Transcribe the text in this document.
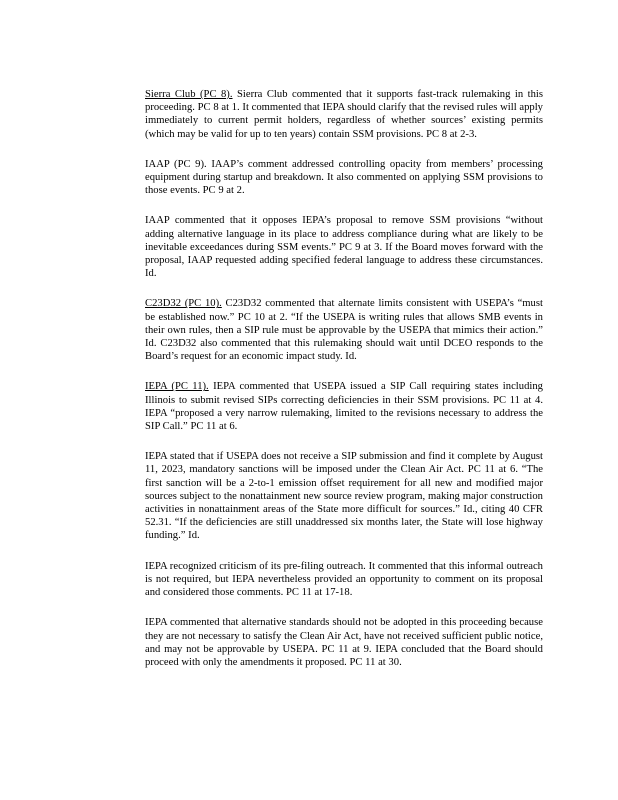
Sierra Club (PC 8). Sierra Club commented that it supports fast-track rulemaking in this proceeding. PC 8 at 1. It commented that IEPA should clarify that the revised rules will apply immediately to current permit holders, regardless of whether sources’ existing permits (which may be valid for up to ten years) contain SSM provisions. PC 8 at 2-3.

IAAP (PC 9). IAAP’s comment addressed controlling opacity from members’ processing equipment during startup and breakdown. It also commented on applying SSM provisions to those events. PC 9 at 2.

IAAP commented that it opposes IEPA’s proposal to remove SSM provisions “without adding alternative language in its place to address compliance during what are likely to be inevitable exceedances during SSM events.” PC 9 at 3. If the Board moves forward with the proposal, IAAP requested adding specified federal language to address these circumstances. Id.

C23D32 (PC 10). C23D32 commented that alternate limits consistent with USEPA’s “must be established now.” PC 10 at 2. “If the USEPA is writing rules that allows SMB events in their own rules, then a SIP rule must be approvable by the USEPA that mimics their action.” Id. C23D32 also commented that this rulemaking should wait until DCEO responds to the Board’s request for an economic impact study. Id.

IEPA (PC 11). IEPA commented that USEPA issued a SIP Call requiring states including Illinois to submit revised SIPs correcting deficiencies in their SSM provisions. PC 11 at 4. IEPA “proposed a very narrow rulemaking, limited to the revisions necessary to address the SIP Call.” PC 11 at 6.

IEPA stated that if USEPA does not receive a SIP submission and find it complete by August 11, 2023, mandatory sanctions will be imposed under the Clean Air Act. PC 11 at 6. “The first sanction will be a 2-to-1 emission offset requirement for all new and modified major sources subject to the nonattainment new source review program, making major construction activities in nonattainment areas of the State more difficult for sources.” Id., citing 40 CFR 52.31. “If the deficiencies are still unaddressed six months later, the State will lose highway funding.” Id.

IEPA recognized criticism of its pre-filing outreach. It commented that this informal outreach is not required, but IEPA nevertheless provided an opportunity to comment on its proposal and considered those comments. PC 11 at 17-18.

IEPA commented that alternative standards should not be adopted in this proceeding because they are not necessary to satisfy the Clean Air Act, have not received sufficient public notice, and may not be approvable by USEPA. PC 11 at 9. IEPA concluded that the Board should proceed with only the amendments it proposed. PC 11 at 30.
